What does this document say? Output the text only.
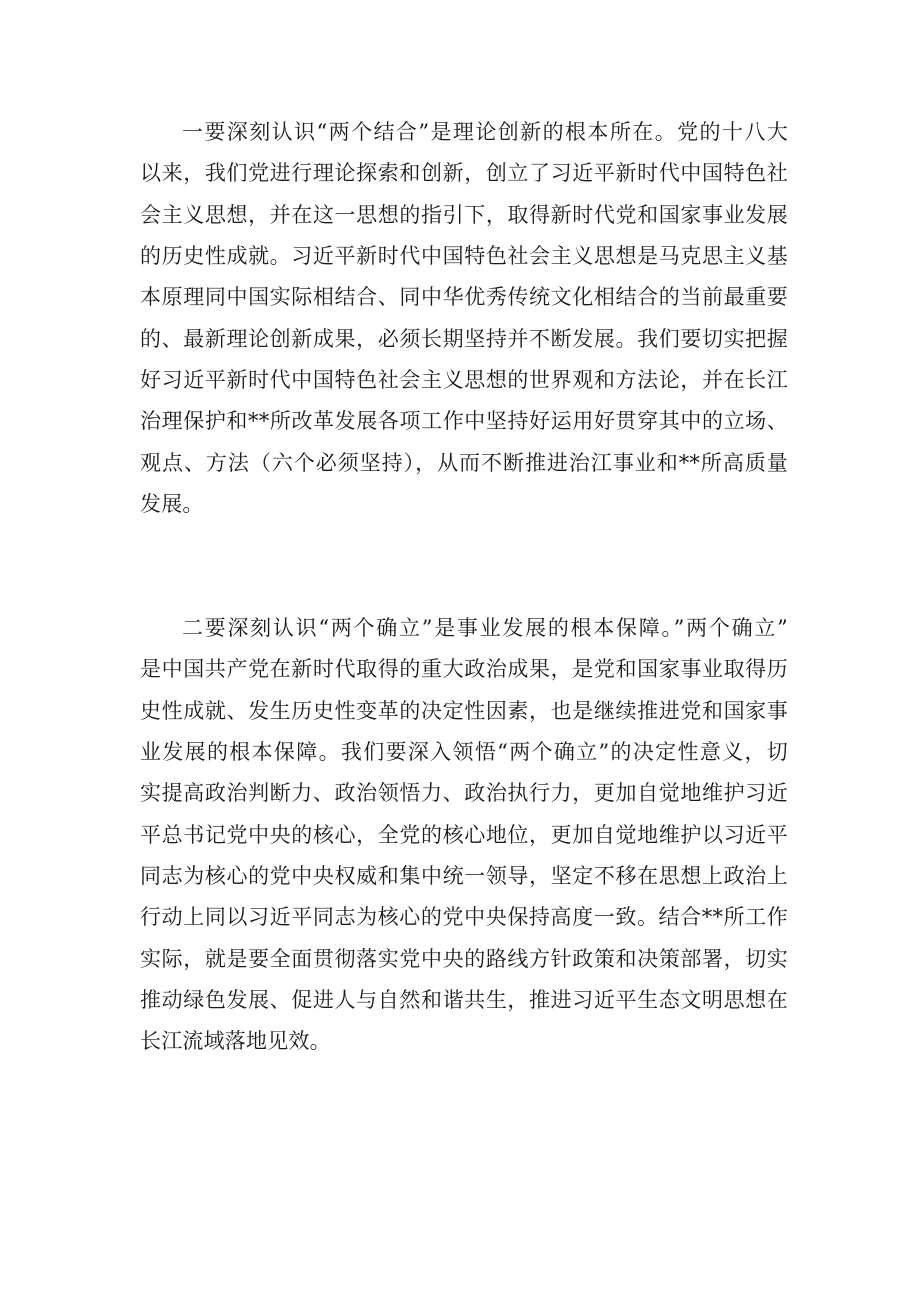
一要深刻认识“两个结合”是理论创新的根本所在。党的十八大
以来，我们党进行理论探索和创新，创立了习近平新时代中国特色社
会主义思想，并在这一思想的指引下，取得新时代党和国家事业发展
的历史性成就。习近平新时代中国特色社会主义思想是马克思主义基
本原理同中国实际相结合、同中华优秀传统文化相结合的当前最重要
的、最新理论创新成果，必须长期坚持并不断发展。我们要切实把握
好习近平新时代中国特色社会主义思想的世界观和方法论，并在长江
治理保护和**所改革发展各项工作中坚持好运用好贯穿其中的立场、
观点、方法（六个必须坚持），从而不断推进治江事业和**所高质量
发展。
二要深刻认识“两个确立”是事业发展的根本保障。”两个确立”
是中国共产党在新时代取得的重大政治成果，是党和国家事业取得历
史性成就、发生历史性变革的决定性因素，也是继续推进党和国家事
业发展的根本保障。我们要深入领悟“两个确立”的决定性意义，切
实提高政治判断力、政治领悟力、政治执行力，更加自觉地维护习近
平总书记党中央的核心，全党的核心地位，更加自觉地维护以习近平
同志为核心的党中央权威和集中统一领导，坚定不移在思想上政治上
行动上同以习近平同志为核心的党中央保持高度一致。结合**所工作
实际，就是要全面贯彻落实党中央的路线方针政策和决策部署，切实
推动绿色发展、促进人与自然和谐共生，推进习近平生态文明思想在
长江流域落地见效。
